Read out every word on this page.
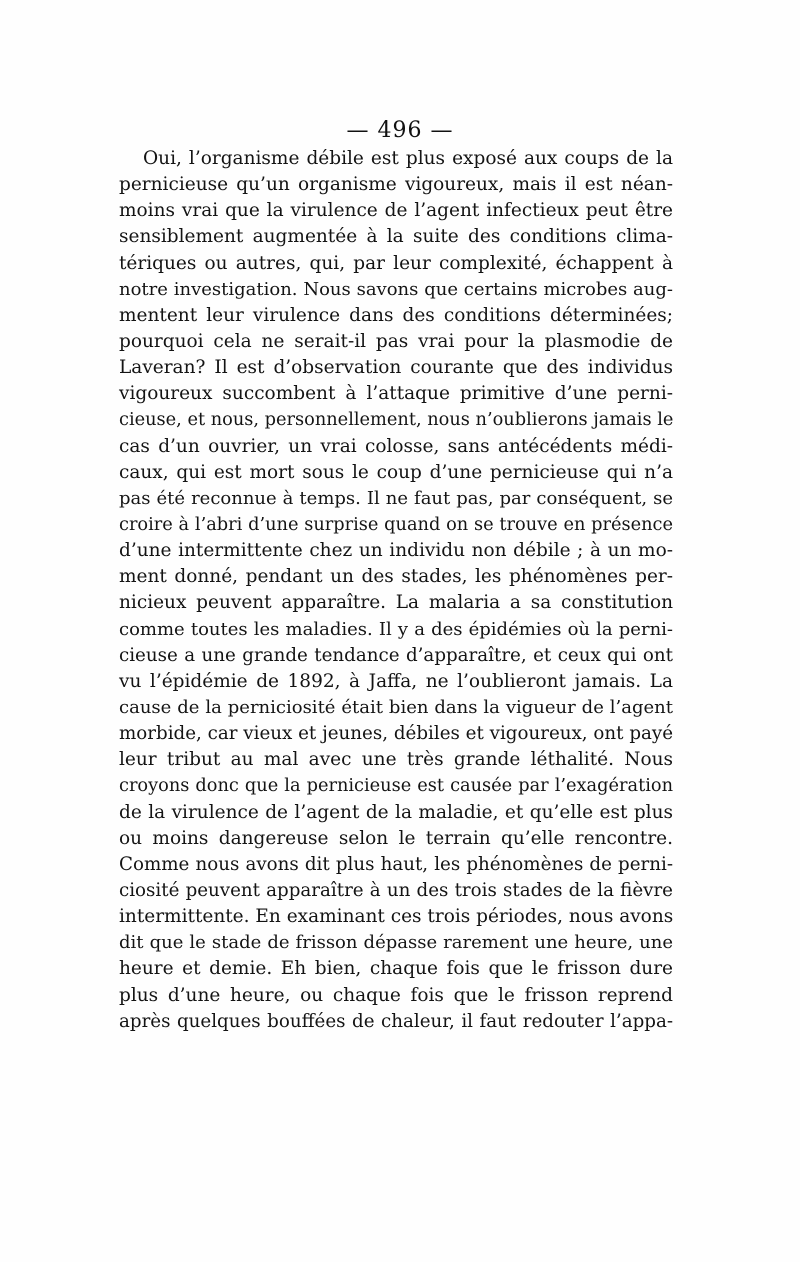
— 496 —
Oui, l’organisme débile est plus exposé aux coups de la
pernicieuse qu’un organisme vigoureux, mais il est néan-
moins vrai que la virulence de l’agent infectieux peut être
sensiblement augmentée à la suite des conditions clima-
tériques ou autres, qui, par leur complexité, échappent à
notre investigation. Nous savons que certains microbes aug-
mentent leur virulence dans des conditions déterminées;
pourquoi cela ne serait-il pas vrai pour la plasmodie de
Laveran? Il est d’observation courante que des individus
vigoureux succombent à l’attaque primitive d’une perni-
cieuse, et nous, personnellement, nous n’oublierons jamais le
cas d’un ouvrier, un vrai colosse, sans antécédents médi-
caux, qui est mort sous le coup d’une pernicieuse qui n’a
pas été reconnue à temps. Il ne faut pas, par conséquent, se
croire à l’abri d’une surprise quand on se trouve en présence
d’une intermittente chez un individu non débile ; à un mo-
ment donné, pendant un des stades, les phénomènes per-
nicieux peuvent apparaître. La malaria a sa constitution
comme toutes les maladies. Il y a des épidémies où la perni-
cieuse a une grande tendance d’apparaître, et ceux qui ont
vu l’épidémie de 1892, à Jaffa, ne l’oublieront jamais. La
cause de la perniciosité était bien dans la vigueur de l’agent
morbide, car vieux et jeunes, débiles et vigoureux, ont payé
leur tribut au mal avec une très grande léthalité. Nous
croyons donc que la pernicieuse est causée par l’exagération
de la virulence de l’agent de la maladie, et qu’elle est plus
ou moins dangereuse selon le terrain qu’elle rencontre.
Comme nous avons dit plus haut, les phénomènes de perni-
ciosité peuvent apparaître à un des trois stades de la fièvre
intermittente. En examinant ces trois périodes, nous avons
dit que le stade de frisson dépasse rarement une heure, une
heure et demie. Eh bien, chaque fois que le frisson dure
plus d’une heure, ou chaque fois que le frisson reprend
après quelques bouffées de chaleur, il faut redouter l’appa-
